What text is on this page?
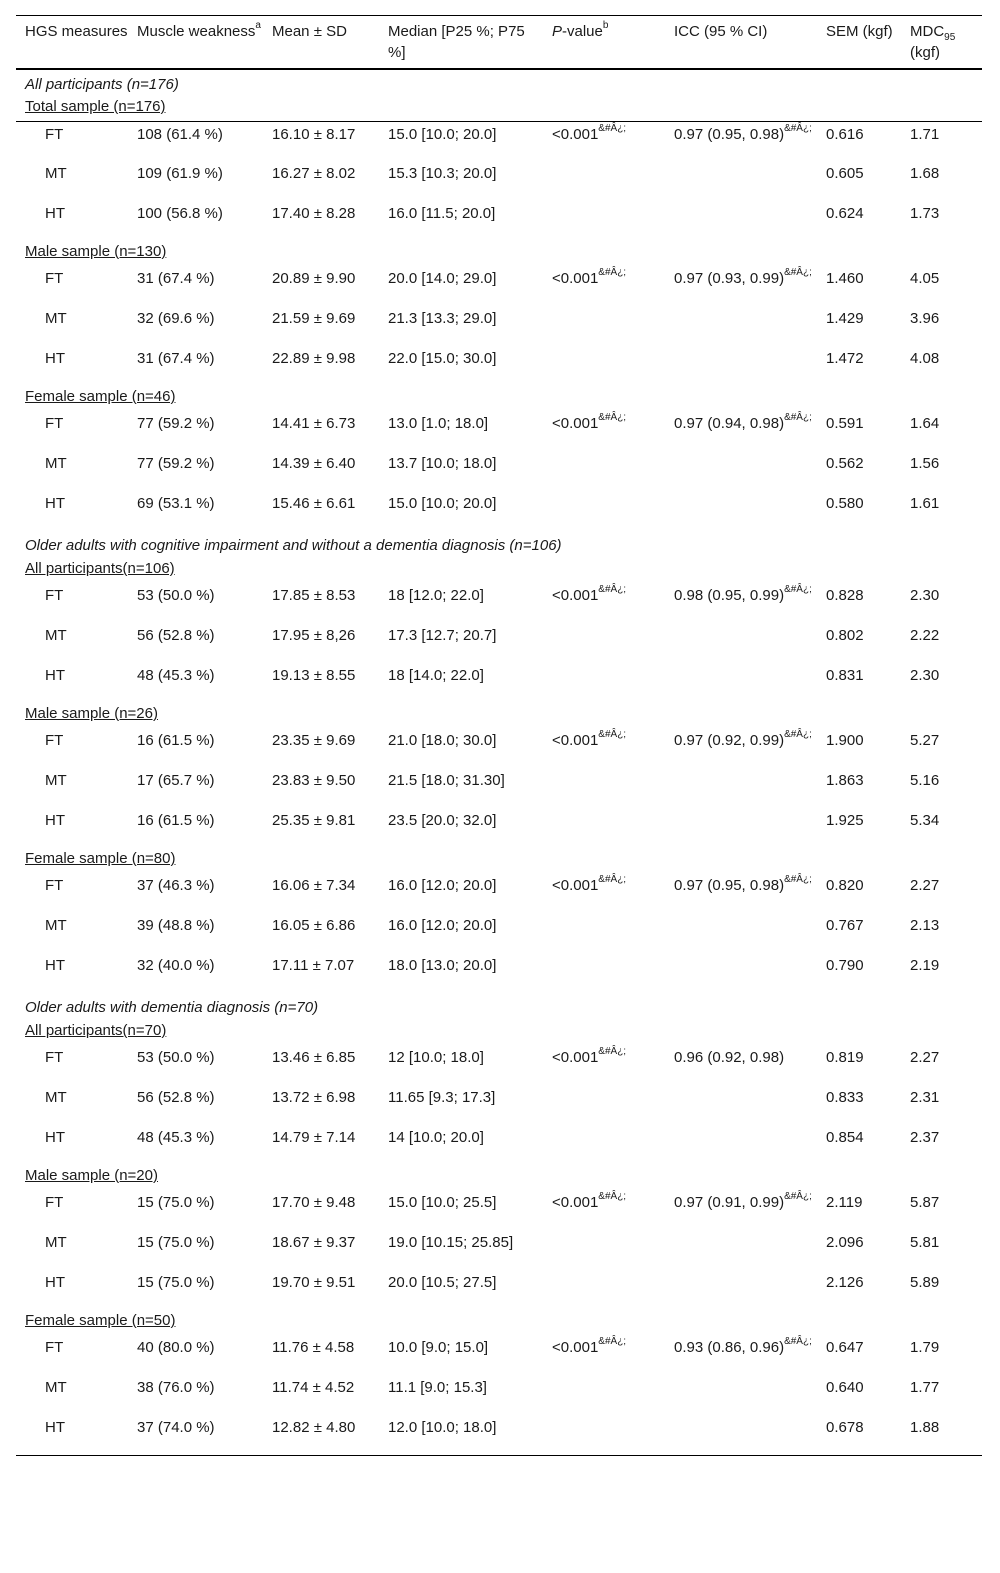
HGS measures	Muscle weakness$^a$	Mean ± SD	Median [P25 %; P75 %]	P-value$^b$	ICC (95 % CI)	SEM (kgf)	$MDC_{95}$
(kgf)
All participants (n=176)							
Total sample (n=176)							
FT	108 (61.4 %)	16.10 ± 8.17	15.0 [10.0; 20.0]	$<0.001^{\&\#Â¿;}$	0.97 (0.95, 0.98)$^{\&\#Â¿;}$	0.616	1.71
MT	109 (61.9 %)	16.27 ± 8.02	15.3 [10.3; 20.0]			0.605	1.68
HT	100 (56.8 %)	17.40 ± 8.28	16.0 [11.5; 20.0]			0.624	1.73
Male sample (n=130)							
FT	31 (67.4 %)	20.89 ± 9.90	20.0 [14.0; 29.0]	$<0.001^{\&\#Â¿;}$	0.97 (0.93, 0.99)$^{\&\#Â¿;}$	1.460	4.05
MT	32 (69.6 %)	21.59 ± 9.69	21.3 [13.3; 29.0]			1.429	3.96
HT	31 (67.4 %)	22.89 ± 9.98	22.0 [15.0; 30.0]			1.472	4.08
Female sample (n=46)							
FT	77 (59.2 %)	14.41 ± 6.73	13.0 [1.0; 18.0]	$<0.001^{\&\#Â¿;}$	0.97 (0.94, 0.98)$^{\&\#Â¿;}$	0.591	1.64
MT	77 (59.2 %)	14.39 ± 6.40	13.7 [10.0; 18.0]			0.562	1.56
HT	69 (53.1 %)	15.46 ± 6.61	15.0 [10.0; 20.0]			0.580	1.61
Older adults with cognitive impairment and without a dementia diagnosis (n=106)							
All participants(n=106)							
FT	53 (50.0 %)	17.85 ± 8.53	18 [12.0; 22.0]	$<0.001^{\&\#Â¿;}$	0.98 (0.95, 0.99)$^{\&\#Â¿;}$	0.828	2.30
MT	56 (52.8 %)	17.95 ± 8,26	17.3 [12.7; 20.7]			0.802	2.22
HT	48 (45.3 %)	19.13 ± 8.55	18 [14.0; 22.0]			0.831	2.30
Male sample (n=26)							
FT	16 (61.5 %)	23.35 ± 9.69	21.0 [18.0; 30.0]	$<0.001^{\&\#Â¿;}$	0.97 (0.92, 0.99)$^{\&\#Â¿;}$	1.900	5.27
MT	17 (65.7 %)	23.83 ± 9.50	21.5 [18.0; 31.30]			1.863	5.16
HT	16 (61.5 %)	25.35 ± 9.81	23.5 [20.0; 32.0]			1.925	5.34
Female sample (n=80)							
FT	37 (46.3 %)	16.06 ± 7.34	16.0 [12.0; 20.0]	$<0.001^{\&\#Â¿;}$	0.97 (0.95, 0.98)$^{\&\#Â¿;}$	0.820	2.27
MT	39 (48.8 %)	16.05 ± 6.86	16.0 [12.0; 20.0]			0.767	2.13
HT	32 (40.0 %)	17.11 ± 7.07	18.0 [13.0; 20.0]			0.790	2.19
Older adults with dementia diagnosis (n=70)							
All participants(n=70)							
FT	53 (50.0 %)	13.46 ± 6.85	12 [10.0; 18.0]	$<0.001^{\&\#Â¿;}$	0.96 (0.92, 0.98)	0.819	2.27
MT	56 (52.8 %)	13.72 ± 6.98	11.65 [9.3; 17.3]			0.833	2.31
HT	48 (45.3 %)	14.79 ± 7.14	14 [10.0; 20.0]			0.854	2.37
Male sample (n=20)							
FT	15 (75.0 %)	17.70 ± 9.48	15.0 [10.0; 25.5]	$<0.001^{\&\#Â¿;}$	0.97 (0.91, 0.99)$^{\&\#Â¿;}$	2.119	5.87
MT	15 (75.0 %)	18.67 ± 9.37	19.0 [10.15; 25.85]			2.096	5.81
HT	15 (75.0 %)	19.70 ± 9.51	20.0 [10.5; 27.5]			2.126	5.89
Female sample (n=50)							
FT	40 (80.0 %)	11.76 ± 4.58	10.0 [9.0; 15.0]	$<0.001^{\&\#Â¿;}$	0.93 (0.86, 0.96)$^{\&\#Â¿;}$	0.647	1.79
MT	38 (76.0 %)	11.74 ± 4.52	11.1 [9.0; 15.3]			0.640	1.77
HT	37 (74.0 %)	12.82 ± 4.80	12.0 [10.0; 18.0]			0.678	1.88
